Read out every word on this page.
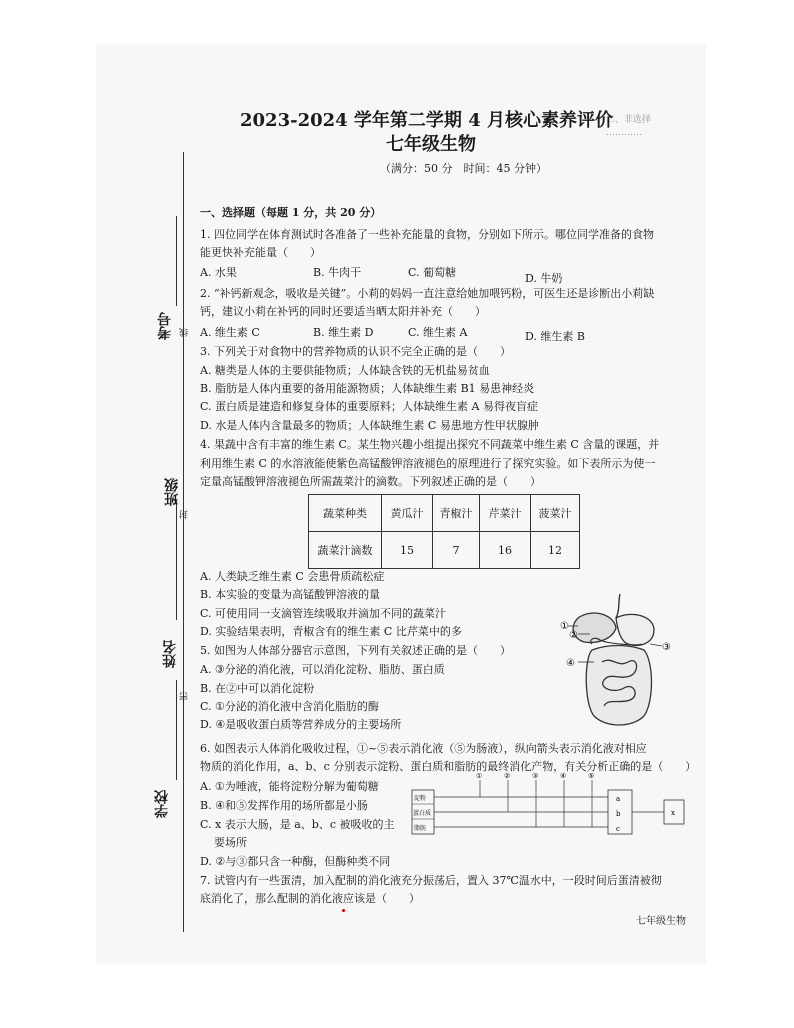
二、非选择
…………
考号 线
班级
封
姓名
密
学校
2023-2024 学年第二学期 4 月核心素养评价
七年级生物
（满分：50 分　时间：45 分钟）
一、选择题（每题 1 分，共 20 分）
1. 四位同学在体育测试时各准备了一些补充能量的食物，分别如下所示。哪位同学准备的食物
能更快补充能量（　　）
A. 水果	B. 牛肉干	C. 葡萄糖	D. 牛奶
2. “补钙新观念，吸收是关键”。小莉的妈妈一直注意给她加喂钙粉，可医生还是诊断出小莉缺
钙，建议小莉在补钙的同时还要适当晒太阳并补充（　　）
A. 维生素 C	B. 维生素 D	C. 维生素 A	D. 维生素 B
3. 下列关于对食物中的营养物质的认识不完全正确的是（　　）
A. 糖类是人体的主要供能物质；人体缺含铁的无机盐易贫血
B. 脂肪是人体内重要的备用能源物质；人体缺维生素 B1 易患神经炎
C. 蛋白质是建造和修复身体的重要原料；人体缺维生素 A 易得夜盲症
D. 水是人体内含量最多的物质；人体缺维生素 C 易患地方性甲状腺肿
4. 果蔬中含有丰富的维生素 C。某生物兴趣小组提出探究不同蔬菜中维生素 C 含量的课题，并
利用维生素 C 的水溶液能使紫色高锰酸钾溶液褪色的原理进行了探究实验。如下表所示为使一
定量高锰酸钾溶液褪色所需蔬菜汁的滴数。下列叙述正确的是（　　）
蔬菜种类	黄瓜汁	青椒汁	芹菜汁	菠菜汁
蔬菜汁滴数	15	7	16	12
A. 人类缺乏维生素 C 会患骨质疏松症
B. 本实验的变量为高锰酸钾溶液的量
C. 可使用同一支滴管连续吸取并滴加不同的蔬菜汁
D. 实验结果表明，青椒含有的维生素 C 比芹菜中的多
5. 如图为人体部分器官示意图，下列有关叙述正确的是（　　）
A. ③分泌的消化液，可以消化淀粉、脂肪、蛋白质
B. 在②中可以消化淀粉
C. ①分泌的消化液中含消化脂肪的酶
D. ④是吸收蛋白质等营养成分的主要场所
①
②
③
④
6. 如图表示人体消化吸收过程，①~⑤表示消化液（⑤为肠液），纵向箭头表示消化液对相应
物质的消化作用，a、b、c 分别表示淀粉、蛋白质和脂肪的最终消化产物，有关分析正确的是（　　）
A. ①为唾液，能将淀粉分解为葡萄糖
B. ④和⑤发挥作用的场所都是小肠
C. x 表示大肠，是 a、b、c 被吸收的主
要场所
D. ②与③都只含一种酶，但酶种类不同
淀粉
蛋白质
脂肪
①	②	③	④	⑤
a
b
c
x
7. 试管内有一些蛋清，加入配制的消化液充分振荡后，置入 37℃温水中，一段时间后蛋清被彻
底消化了，那么配制的消化液应该是（　　）
七年级生物
